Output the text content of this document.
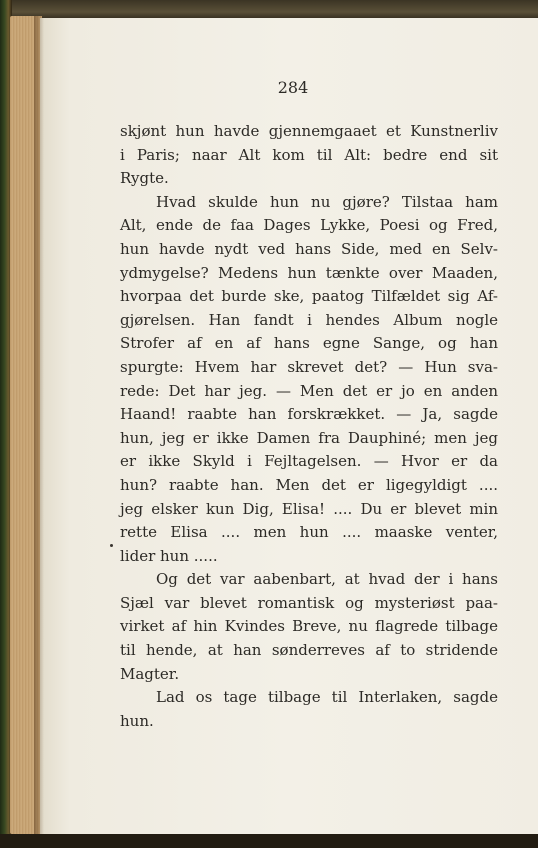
284
skjønt hun havde gjennemgaaet et Kunstnerliv
i Paris; naar Alt kom til Alt: bedre end sit
Rygte.
Hvad skulde hun nu gjøre? Tilstaa ham
Alt, ende de faa Dages Lykke, Poesi og Fred,
hun havde nydt ved hans Side, med en Selv-
ydmygelse? Medens hun tænkte over Maaden,
hvorpaa det burde ske, paatog Tilfældet sig Af-
gjørelsen. Han fandt i hendes Album nogle
Strofer af en af hans egne Sange, og han
spurgte: Hvem har skrevet det? — Hun sva-
rede: Det har jeg. — Men det er jo en anden
Haand! raabte han forskrækket. — Ja, sagde
hun, jeg er ikke Damen fra Dauphiné; men jeg
er ikke Skyld i Fejltagelsen. — Hvor er da
hun? raabte han. Men det er ligegyldigt ....
jeg elsker kun Dig, Elisa! .... Du er blevet min
rette Elisa .... men hun .... maaske venter,
lider hun .....
Og det var aabenbart, at hvad der i hans
Sjæl var blevet romantisk og mysteriøst paa-
virket af hin Kvindes Breve, nu flagrede tilbage
til hende, at han sønderreves af to stridende
Magter.
Lad os tage tilbage til Interlaken, sagde
hun.
